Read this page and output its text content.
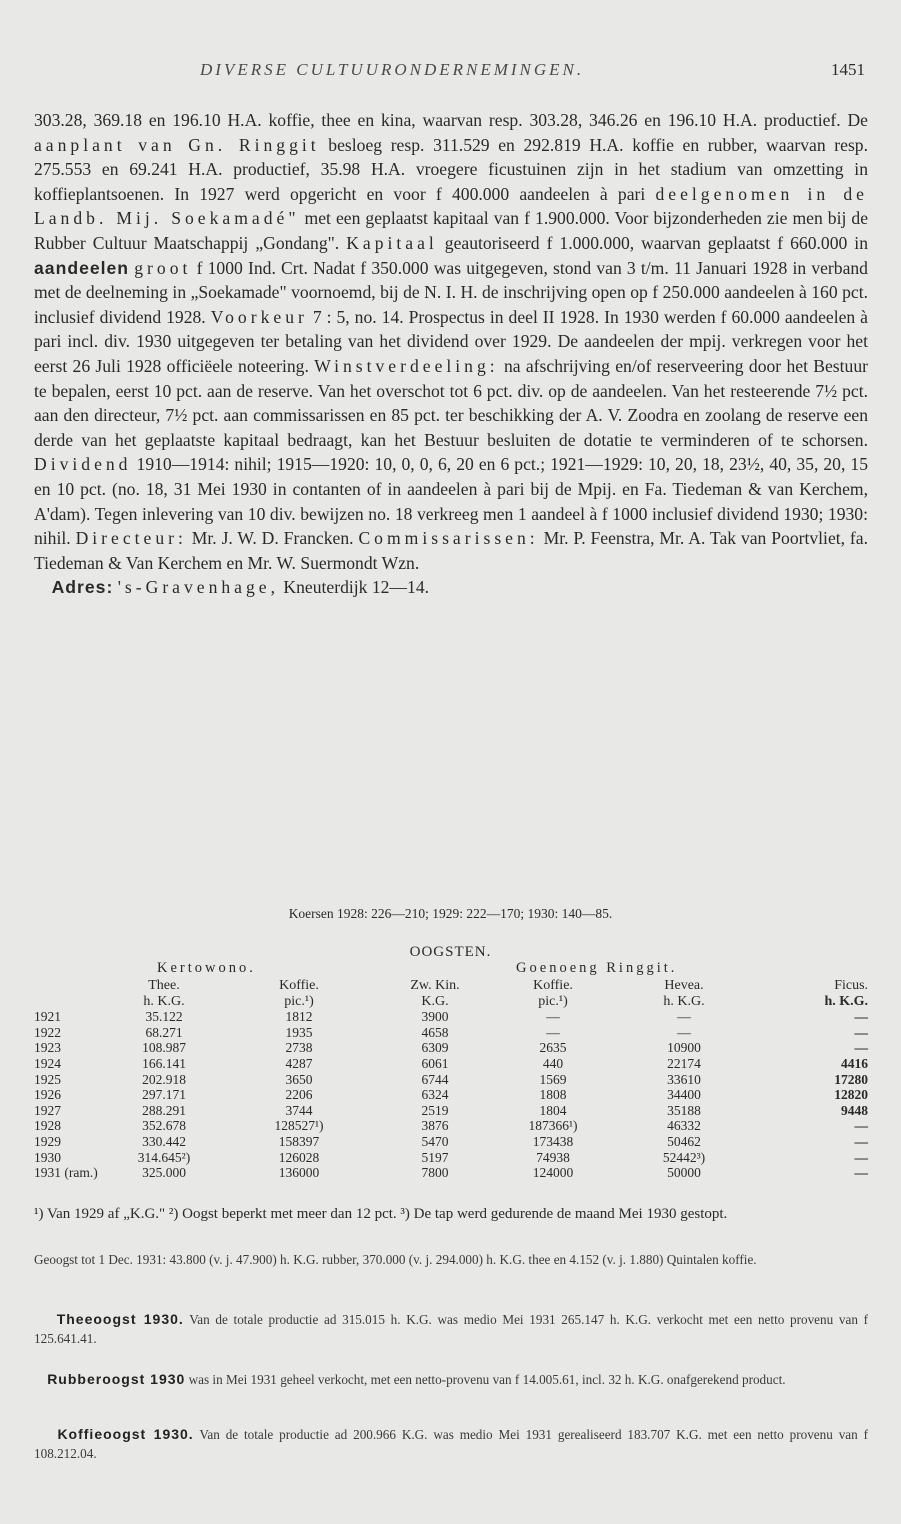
DIVERSE CULTUURONDERNEMINGEN.	1451

303.28, 369.18 en 196.10 H.A. koffie, thee en kina, waarvan resp. 303.28, 346.26 en 196.10 H.A. productief. De aanplant van Gn. Ringgit besloeg resp. 311.529 en 292.819 H.A. koffie en rubber, waarvan resp. 275.553 en 69.241 H.A. productief, 35.98 H.A. vroegere ficustuinen zijn in het stadium van omzetting in koffieplantsoenen. In 1927 werd opgericht en voor f 400.000 aandeelen à pari deelgenomen in de Landb. Mij. Soekamadé" met een geplaatst kapitaal van f 1.900.000. Voor bijzonderheden zie men bij de Rubber Cultuur Maatschappij „Gondang". Kapitaal geautoriseerd f 1.000.000, waarvan geplaatst f 660.000 in aandeelen groot f 1000 Ind. Crt. Nadat f 350.000 was uitgegeven, stond van 3 t/m. 11 Januari 1928 in verband met de deelneming in „Soekamade" voornoemd, bij de N. I. H. de inschrijving open op f 250.000 aandeelen à 160 pct. inclusief dividend 1928. Voorkeur 7 : 5, no. 14. Prospectus in deel II 1928. In 1930 werden f 60.000 aandeelen à pari incl. div. 1930 uitgegeven ter betaling van het dividend over 1929. De aandeelen der mpij. verkregen voor het eerst 26 Juli 1928 officiëele noteering. Winstverdeeling: na afschrijving en/of reserveering door het Bestuur te bepalen, eerst 10 pct. aan de reserve. Van het overschot tot 6 pct. div. op de aandeelen. Van het resteerende 7½ pct. aan den directeur, 7½ pct. aan commissarissen en 85 pct. ter beschikking der A. V. Zoodra en zoolang de reserve een derde van het geplaatste kapitaal bedraagt, kan het Bestuur besluiten de dotatie te verminderen of te schorsen. Dividend 1910—1914: nihil; 1915—1920: 10, 0, 0, 6, 20 en 6 pct.; 1921—1929: 10, 20, 18, 23½, 40, 35, 20, 15 en 10 pct. (no. 18, 31 Mei 1930 in contanten of in aandeelen à pari bij de Mpij. en Fa. Tiedeman & van Kerchem, A'dam). Tegen inlevering van 10 div. bewijzen no. 18 verkreeg men 1 aandeel à f 1000 inclusief dividend 1930; 1930: nihil. Directeur: Mr. J. W. D. Francken. Commissarissen: Mr. P. Feenstra, Mr. A. Tak van Poortvliet, fa. Tiedeman & Van Kerchem en Mr. W. Suermondt Wzn.

Adres: 's-Gravenhage, Kneuterdijk 12—14.

Koersen 1928: 226—210; 1929: 222—170; 1930: 140—85.
OOGSTEN.
	Kertowono.			Goenoeng Ringgit.		
	Thee.	Koffie.	Zw. Kin.	Koffie.	Hevea.	Ficus.
	h. K.G.	pic.¹)	K.G.	pic.¹)	h. K.G.	h. K.G.
1921	35.122	1812	3900	—	—	—
1922	68.271	1935	4658	—	—	—
1923	108.987	2738	6309	2635	10900	—
1924	166.141	4287	6061	440	22174	4416
1925	202.918	3650	6744	1569	33610	17280
1926	297.171	2206	6324	1808	34400	12820
1927	288.291	3744	2519	1804	35188	9448
1928	352.678	128527¹)	3876	187366¹)	46332	—
1929	330.442	158397	5470	173438	50462	—
1930	314.645²)	126028	5197	74938	52442³)	—
1931 (ram.)	325.000	136000	7800	124000	50000	—
¹) Van 1929 af „K.G." ²) Oogst beperkt met meer dan 12 pct. ³) De tap werd gedurende de maand Mei 1930 gestopt.
Geoogst tot 1 Dec. 1931: 43.800 (v. j. 47.900) h. K.G. rubber, 370.000 (v. j. 294.000) h. K.G. thee en 4.152 (v. j. 1.880) Quintalen koffie.
Theeoogst 1930. Van de totale productie ad 315.015 h. K.G. was medio Mei 1931 265.147 h. K.G. verkocht met een netto provenu van f 125.641.41.
Rubberoogst 1930 was in Mei 1931 geheel verkocht, met een netto-provenu van f 14.005.61, incl. 32 h. K.G. onafgerekend product.
Koffieoogst 1930. Van de totale productie ad 200.966 K.G. was medio Mei 1931 gerealiseerd 183.707 K.G. met een netto provenu van f 108.212.04.
